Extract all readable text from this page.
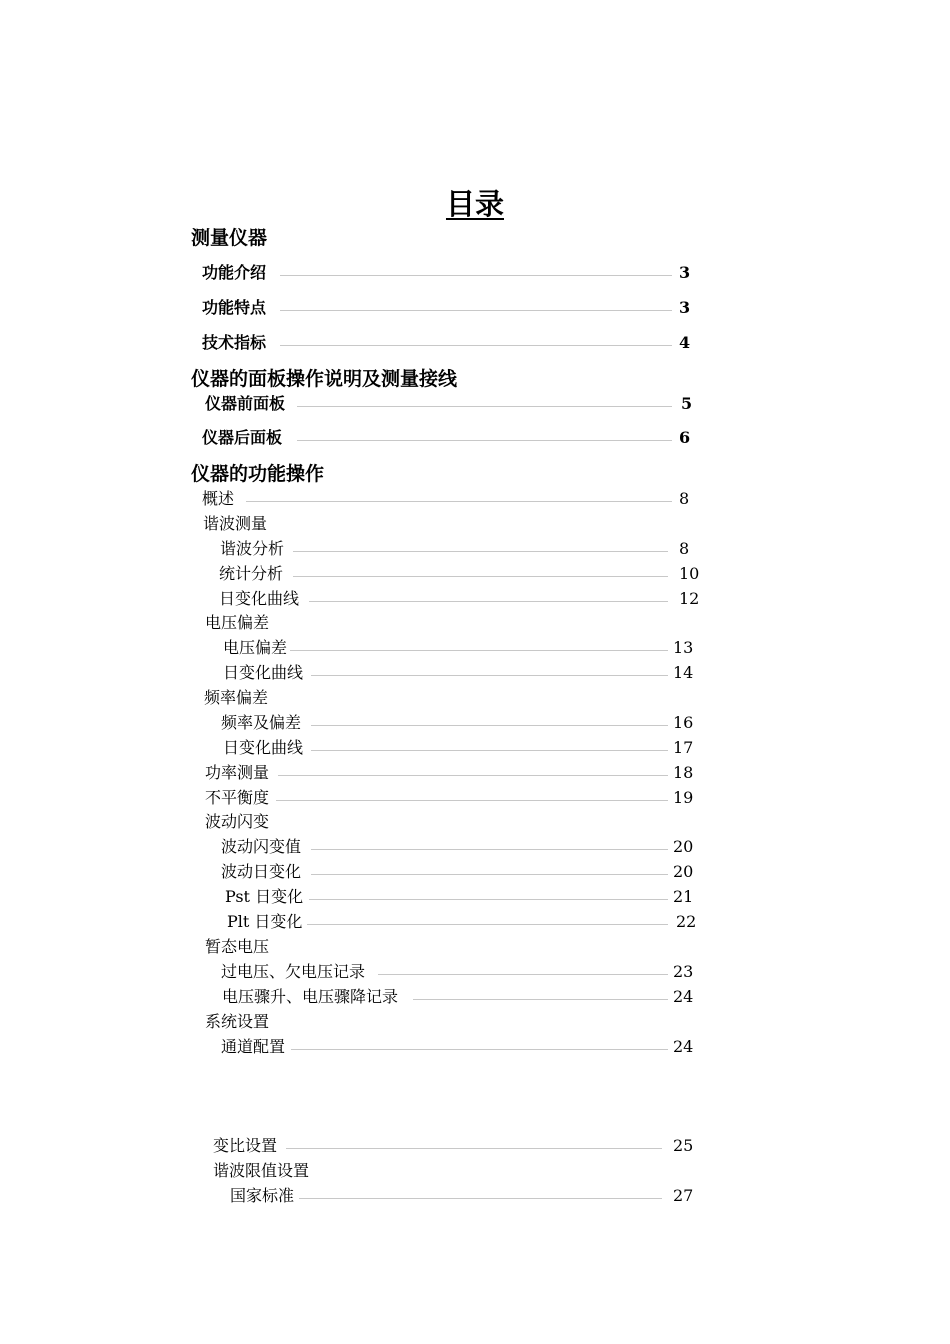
目录
测量仪器
仪器的面板操作说明及测量接线
仪器的功能操作
功能介绍	3
功能特点	3
技术指标	4
仪器前面板	5
仪器后面板	6
概述	8
谐波测量
谐波分析	8
统计分析	10
日变化曲线	12
电压偏差
电压偏差	13
日变化曲线	14
频率偏差
频率及偏差	16
日变化曲线	17
功率测量	18
不平衡度	19
波动闪变
波动闪变值	20
波动日变化	20
Pst 日变化	21
Plt 日变化	22
暂态电压
过电压、欠电压记录	23
电压骤升、电压骤降记录	24
系统设置
通道配置	24
变比设置	25
谐波限值设置
国家标准	27
